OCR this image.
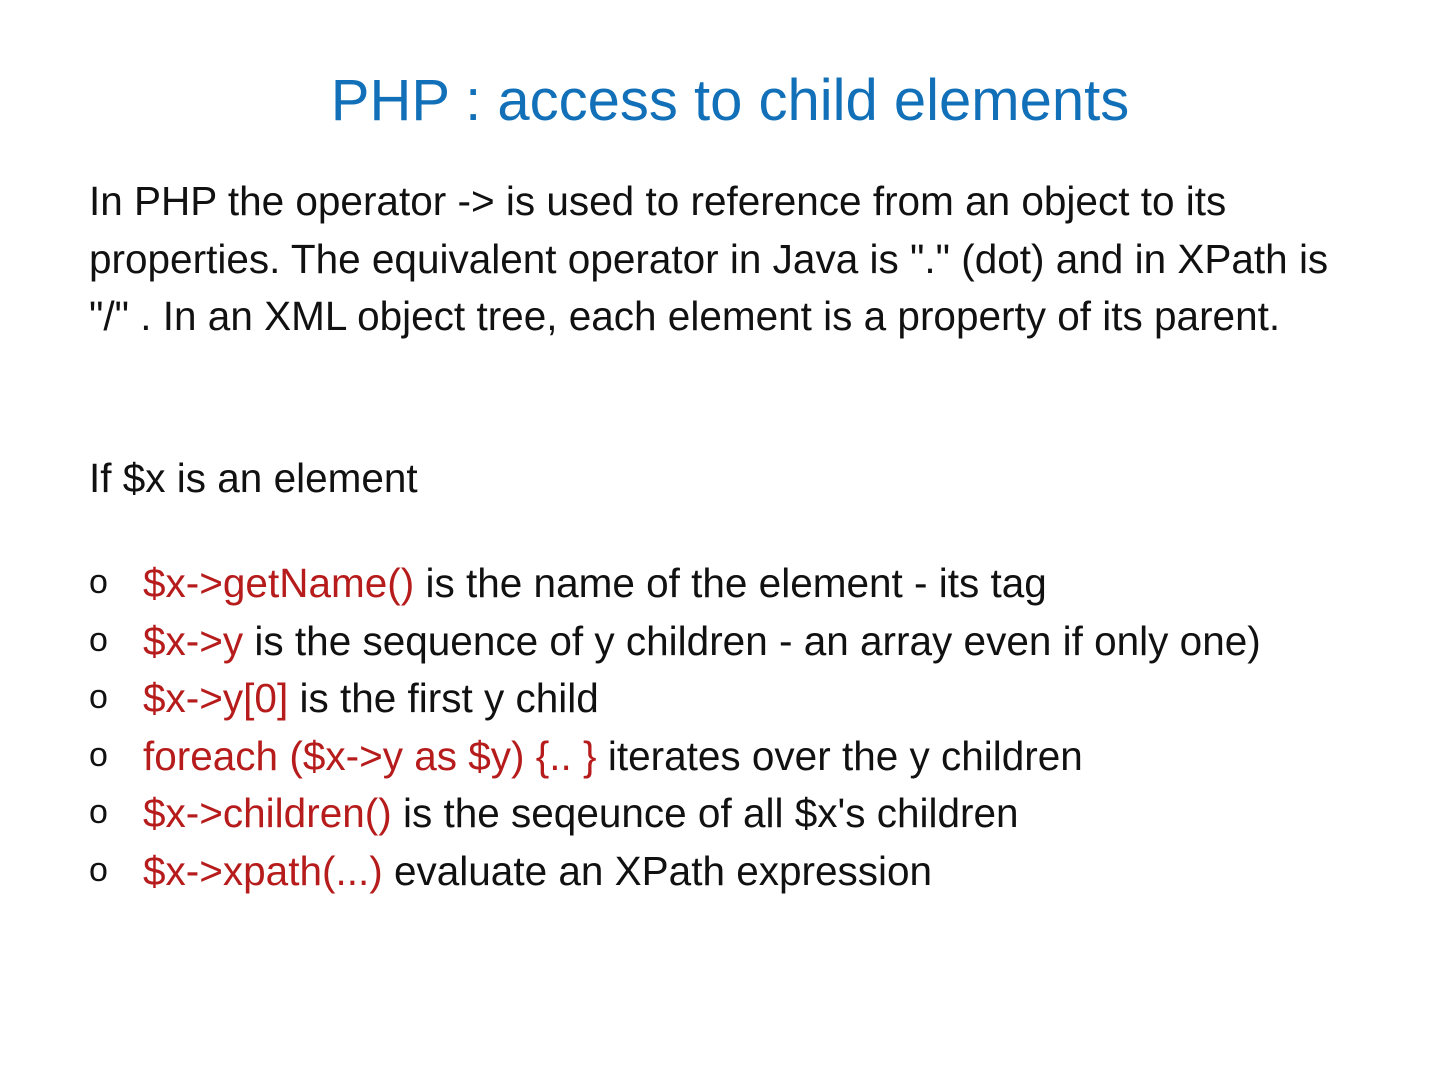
PHP : access to child elements

In PHP the operator -> is used to reference from an object to its properties. The equivalent operator in Java is "." (dot) and in XPath is "/" . In an XML object tree, each element is a property of its parent.

If $x is an element

o $x->getName() is the name of the element - its tag
o $x->y is the sequence of y children - an array even if only one)
o $x->y[0] is the first y child
o foreach ($x->y as $y) {.. } iterates over the y children
o $x->children() is the seqeunce of all $x's children
o $x->xpath(...) evaluate an XPath expression
